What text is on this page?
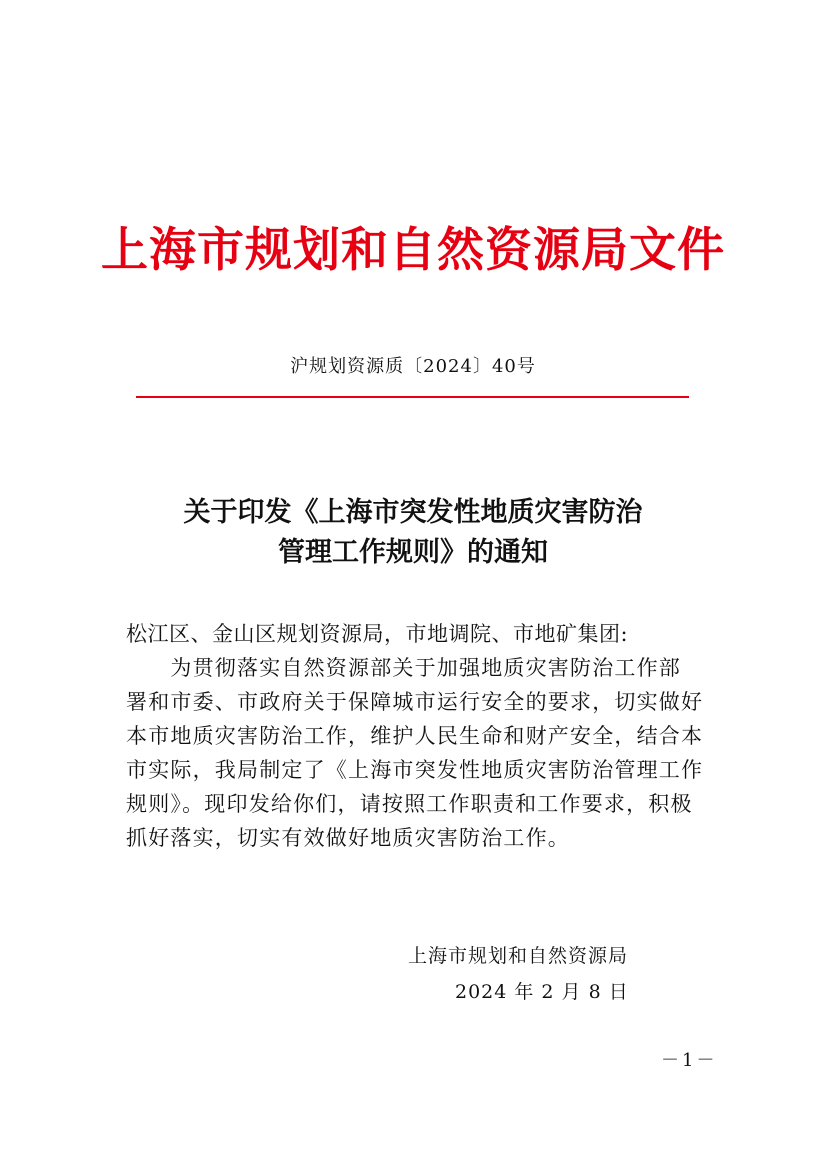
上海市规划和自然资源局文件
沪规划资源质〔2024〕40号
关于印发《上海市突发性地质灾害防治
管理工作规则》的通知
松江区、金山区规划资源局，市地调院、市地矿集团:
　　为贯彻落实自然资源部关于加强地质灾害防治工作部
署和市委、市政府关于保障城市运行安全的要求，切实做好
本市地质灾害防治工作，维护人民生命和财产安全，结合本
市实际，我局制定了《上海市突发性地质灾害防治管理工作
规则》。现印发给你们，请按照工作职责和工作要求，积极
抓好落实，切实有效做好地质灾害防治工作。
上海市规划和自然资源局
2024 年 2 月 8 日
－1－
